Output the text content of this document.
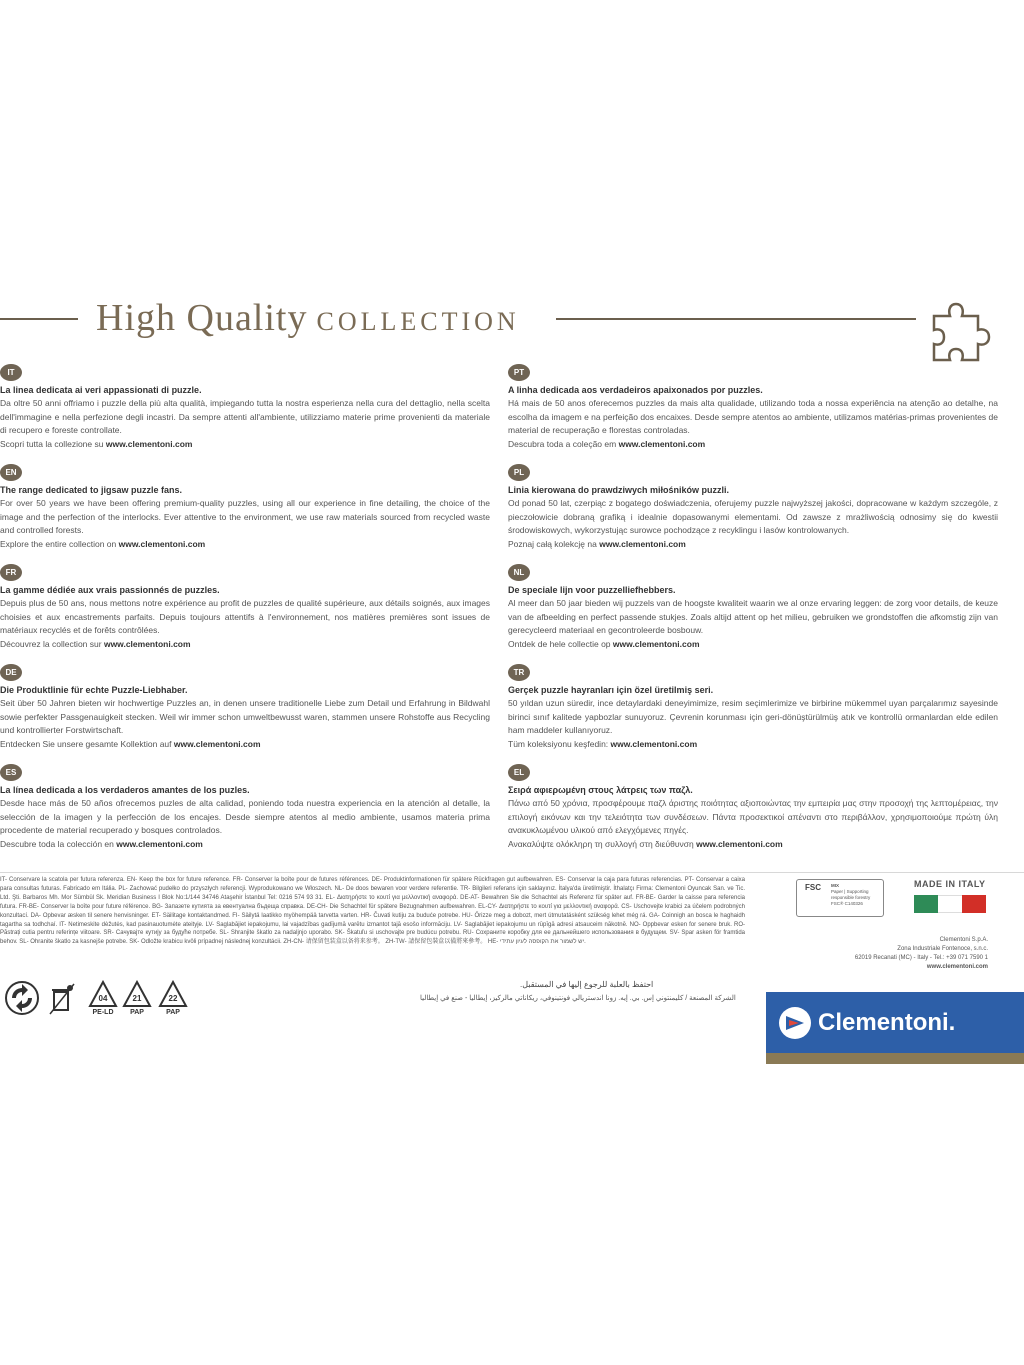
High Quality COLLECTION
IT
La linea dedicata ai veri appassionati di puzzle.
Da oltre 50 anni offriamo i puzzle della più alta qualità, impiegando tutta la nostra esperienza nella cura del dettaglio, nella scelta dell'immagine e nella perfezione degli incastri. Da sempre attenti all'ambiente, utilizziamo materie prime provenienti da materiale di recupero e foreste controllate.
Scopri tutta la collezione su www.clementoni.com
EN
The range dedicated to jigsaw puzzle fans.
For over 50 years we have been offering premium-quality puzzles, using all our experience in fine detailing, the choice of the image and the perfection of the interlocks. Ever attentive to the environment, we use raw materials sourced from recycled waste and controlled forests.
Explore the entire collection on www.clementoni.com
FR
La gamme dédiée aux vrais passionnés de puzzles.
Depuis plus de 50 ans, nous mettons notre expérience au profit de puzzles de qualité supérieure, aux détails soignés, aux images choisies et aux encastrements parfaits. Depuis toujours attentifs à l'environnement, nos matières premières sont issues de matériaux recyclés et de forêts contrôlées.
Découvrez la collection sur www.clementoni.com
DE
Die Produktlinie für echte Puzzle-Liebhaber.
Seit über 50 Jahren bieten wir hochwertige Puzzles an, in denen unsere traditionelle Liebe zum Detail und Erfahrung in Bildwahl sowie perfekter Passgenauigkeit stecken. Weil wir immer schon umweltbewusst waren, stammen unsere Rohstoffe aus Recycling und kontrollierter Forstwirtschaft.
Entdecken Sie unsere gesamte Kollektion auf www.clementoni.com
ES
La línea dedicada a los verdaderos amantes de los puzles.
Desde hace más de 50 años ofrecemos puzles de alta calidad, poniendo toda nuestra experiencia en la atención al detalle, la selección de la imagen y la perfección de los encajes. Desde siempre atentos al medio ambiente, usamos materia prima procedente de material recuperado y bosques controlados.
Descubre toda la colección en www.clementoni.com
PT
A linha dedicada aos verdadeiros apaixonados por puzzles.
Há mais de 50 anos oferecemos puzzles da mais alta qualidade, utilizando toda a nossa experiência na atenção ao detalhe, na escolha da imagem e na perfeição dos encaixes. Desde sempre atentos ao ambiente, utilizamos matérias-primas provenientes de material de recuperação e florestas controladas.
Descubra toda a coleção em www.clementoni.com
PL
Linia kierowana do prawdziwych miłośników puzzli.
Od ponad 50 lat, czerpiąc z bogatego doświadczenia, oferujemy puzzle najwyższej jakości, dopracowane w każdym szczególe, z pieczołowicie dobraną grafiką i idealnie dopasowanymi elementami. Od zawsze z mrażliwością odnosimy się do kwestii środowiskowych, wykorzystując surowce pochodzące z recyklingu i lasów kontrolowanych.
Poznaj całą kolekcję na www.clementoni.com
NL
De speciale lijn voor puzzelliefhebbers.
Al meer dan 50 jaar bieden wij puzzels van de hoogste kwaliteit waarin we al onze ervaring leggen: de zorg voor details, de keuze van de afbeelding en perfect passende stukjes. Zoals altijd attent op het milieu, gebruiken we grondstoffen die afkomstig zijn van gerecycleerd materiaal en gecontroleerde bosbouw.
Ontdek de hele collectie op www.clementoni.com
TR
Gerçek puzzle hayranları için özel üretilmiş seri.
50 yıldan uzun süredir, ince detaylardaki deneyimimize, resim seçimlerimize ve birbirine mükemmel uyan parçalarımız sayesinde birinci sınıf kalitede yapbozlar sunuyoruz. Çevrenin korunması için geri-dönüştürülmüş atık ve kontrollü ormanlardan elde edilen ham maddeler kullanıyoruz.
Tüm koleksiyonu keşfedin: www.clementoni.com
EL
Σειρά αφιερωμένη στους λάτρεις των παζλ.
Πάνω από 50 χρόνια, προσφέρουμε παζλ άριστης ποιότητας αξιοποιώντας την εμπειρία μας στην προσοχή της λεπτομέρειας, την επιλογή εικόνων και την τελειότητα των συνδέσεων. Πάντα προσεκτικοί απέναντι στο περιβάλλον, χρησιμοποιούμε πρώτη ύλη ανακυκλωμένου υλικού από ελεγχόμενες πηγές.
Ανακαλύψτε ολόκληρη τη συλλογή στη διεύθυνση www.clementoni.com
IT- Conservare la scatola per futura referenza. EN- Keep the box for future reference. FR- Conserver la boîte pour de futures références. DE- Produktinformationen für spätere Rückfragen gut aufbewahren. ES- Conservar la caja para futuras referencias. PT- Conservar a caixa para consultas futuras. Fabricado em Itália. PL- Zachować pudełko do przyszłych referencji. Wyprodukowano we Włoszech. NL- De doos bewaren voor verdere referentie. TR- Bilgileri referans için saklayınız. İtalya'da üretilmiştir. İthalatçı Firma: Clementoni Oyuncak San. ve Tic. Ltd. Şti. Barbaros Mh. Mor Sümbül Sk. Meridian Business I Blok No:1/144 34746 Ataşehir İstanbul Tel: 0216 574 93 31. EL- Διατηρήστε το κουτί για μελλοντική αναφορά. DE-AT- Bewahren Sie die Schachtel als Referenz für später auf. FR-BE- Garder la caisse para referencia futura. FR-BE- Conserver la boîte pour future référence. BG- Запазете кутията за евентуална бъдеща справка. DE-CH- Die Schachtel für spätere Bezugnahmen aufbewahren. EL-CY- Διατηρήστε το κουτί για μελλοντική αναφορά. CS- Uschovejte krabici za účelem podrobných konzultací. DA- Opbevar æsken til senere henvisninger. ET- Säilitage kontaktandmed. FI- Säilytä laatikko myöhempää tarvetta varten. HR- Čuvati kutiju za buduće potrebe. HU- Őrizze meg a dobozt, mert útmutatásként szükség lehet még rá. GA- Coinnigh an bosca le haghaidh tagartha sa todhchaí. IT- Netimeskite dėžutės, kad pasinauotumėte ateityje. LV- Saglabājiet iepakojumu, lai vajadzības gadījumā varētu izmantot tajā esošo informāciju. LV- Saglabājiet iepakojumu un rūpīgā adresi atsauceim nākotnē. NO- Oppbevar esken for senere bruk. RO- Păstrați cutia pentru referințe viitoare. SR- Сачувајте кутију за будуће потребе. SL- Shranjite škatlo za nadaljnjo uporabo. SK- Škatuľu si uschovajte pre budúcu potrebu. RU- Сохраните коробку для ее дальнейшего использования в будущем. SV- Spar asken för framtida behov. SL- Ohranite škatlo za kasnejše potrebe. SK- Odložte krabicu kvôli prípadnej následnej konzultácii. ZH-CN- 请保留包装盒以备将来参考。 ZH-TW- 請保留包裝盒以備將來參考。 HE- יש לשמור את הקופסה לעיון עתידי.
احتفظ بالعلبة للرجوع إليها في المستقبل.
الشركة المصنعة / كليمنتوني إس. بي. إيه. زونا اندستريالي فونتينوفي، ريكاناتي مالركيز، إيطاليا - صنع في إيطاليا
04
PE-LD
21
PAP
22
PAP
FSC	MIX
Paper | Supporting
responsible forestry
FSC® C140326
MADE IN ITALY
Clementoni S.p.A.
Zona Industriale Fontenoce, s.n.c.
62019 Recanati (MC) - Italy - Tel.: +39 071 7590 1
www.clementoni.com
Clementoni.
